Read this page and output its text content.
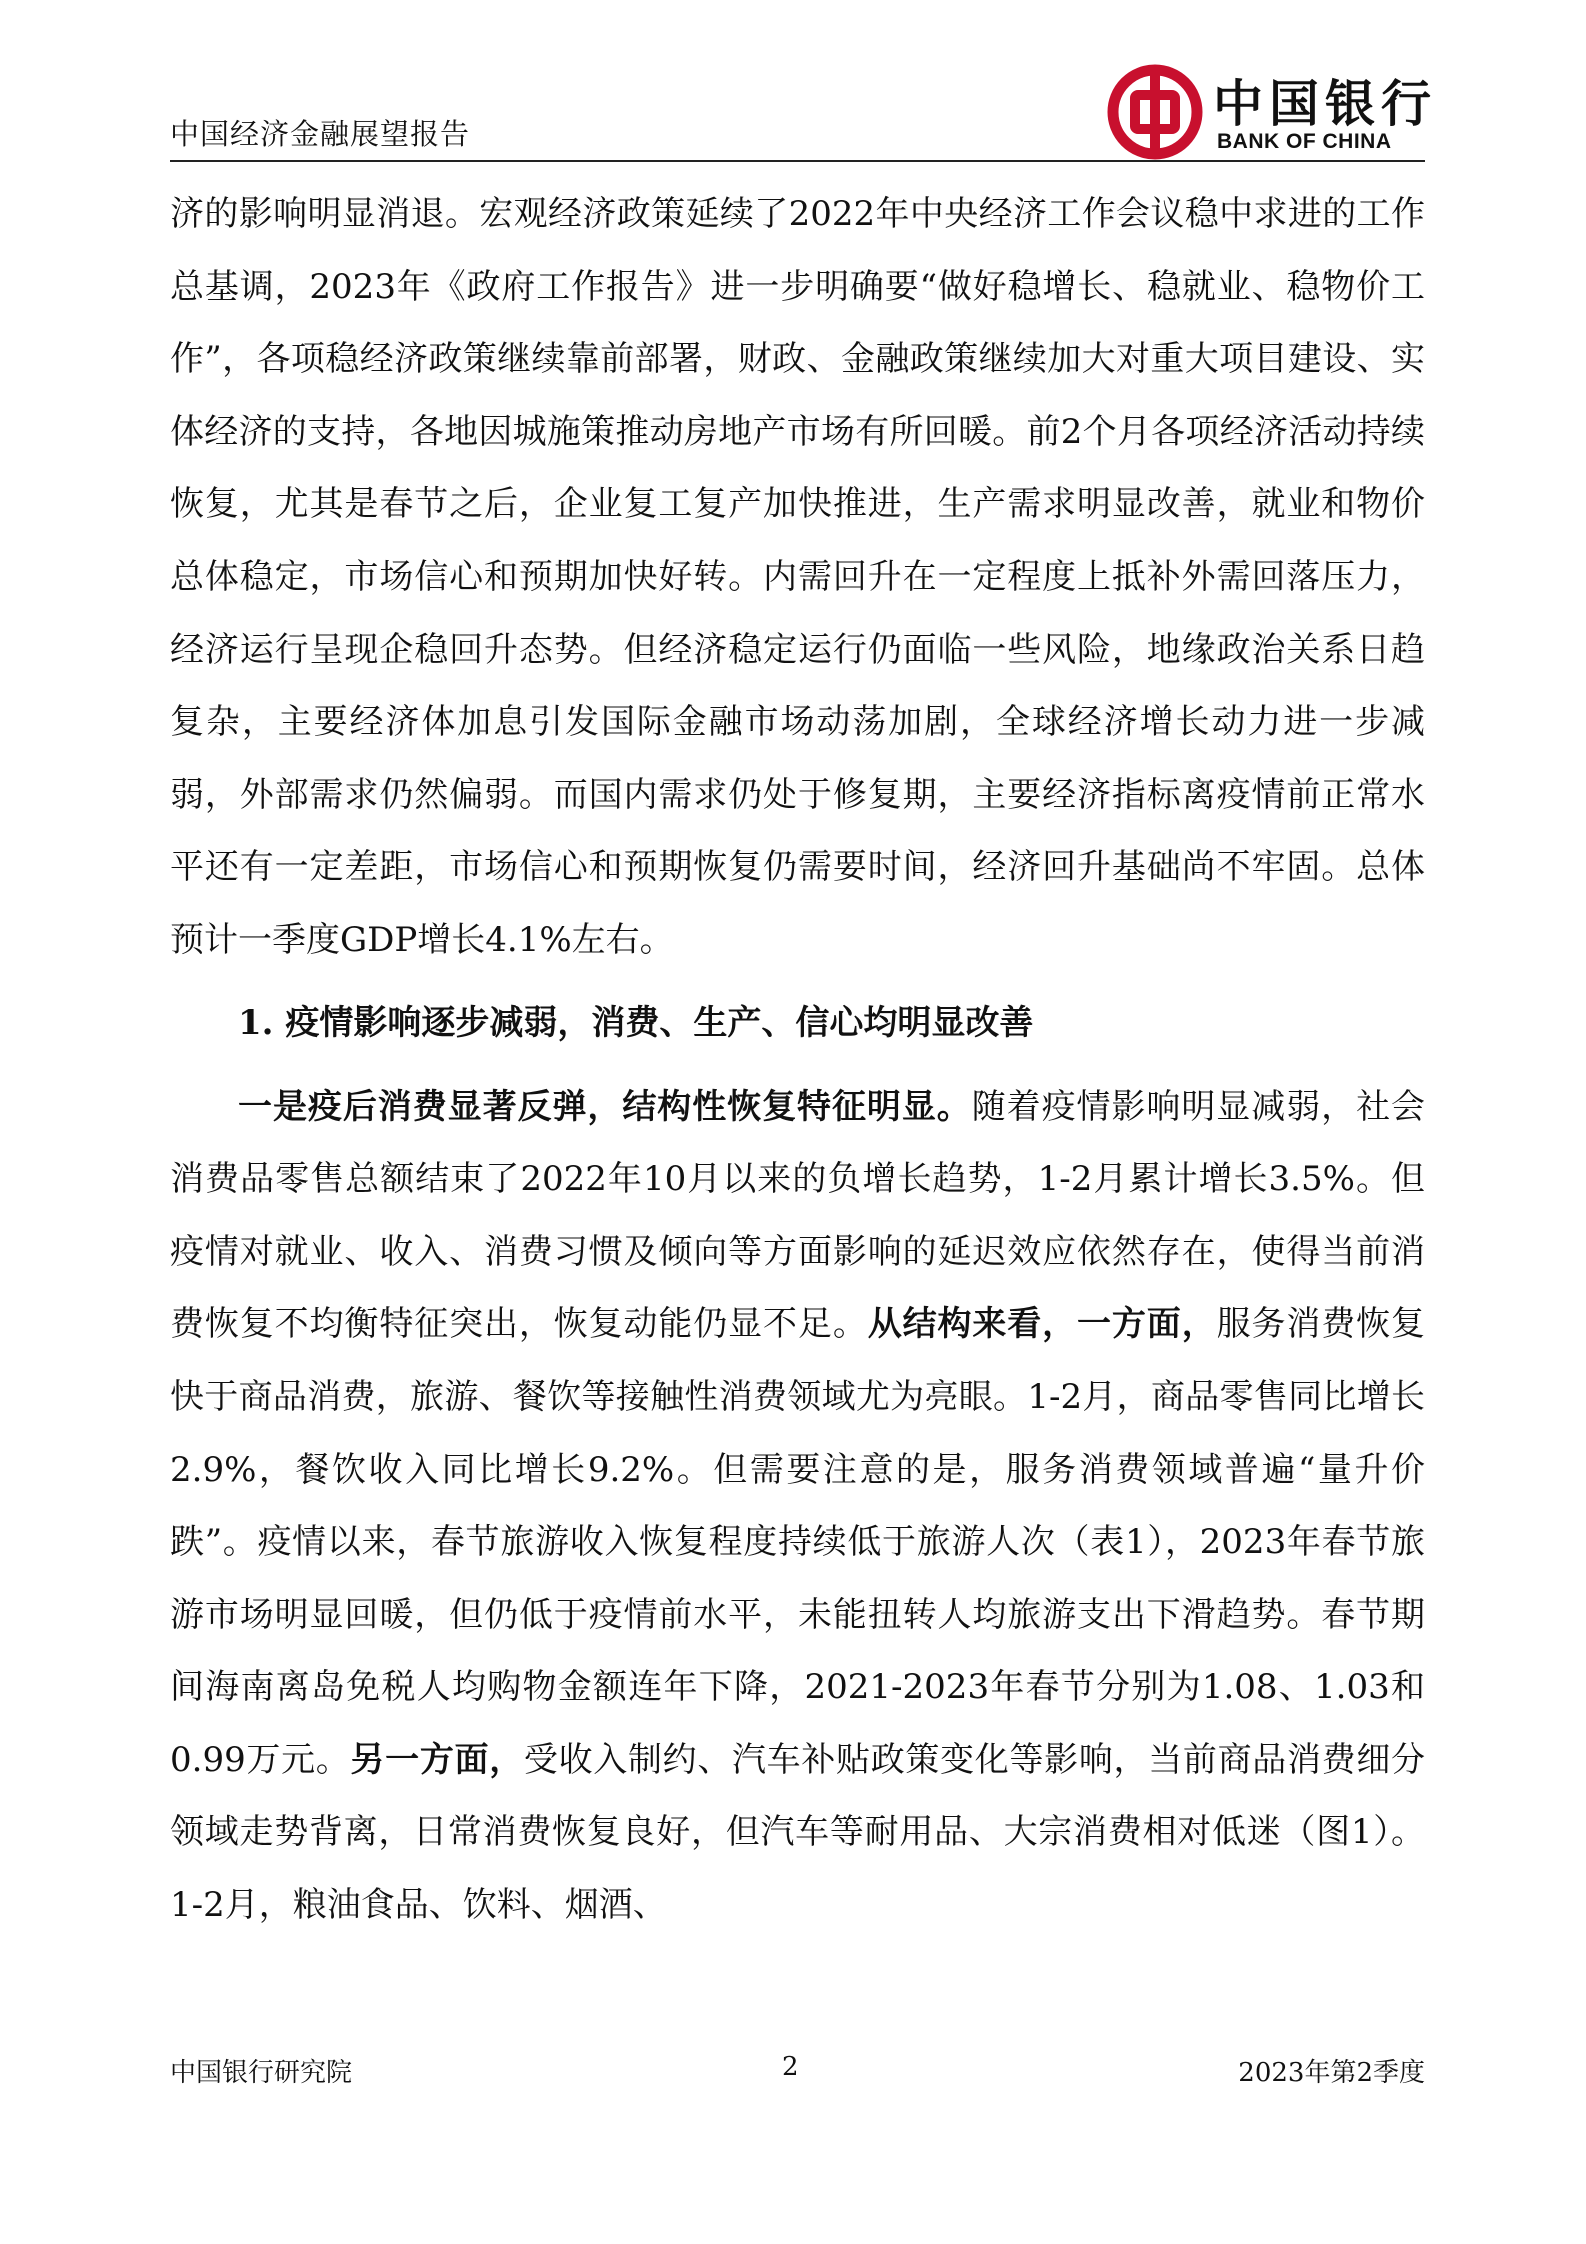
中国经济金融展望报告
中国银行
BANK OF CHINA

济的影响明显消退。宏观经济政策延续了2022年中央经济工作会议稳中求进的工作总基调，2023年《政府工作报告》进一步明确要“做好稳增长、稳就业、稳物价工作”，各项稳经济政策继续靠前部署，财政、金融政策继续加大对重大项目建设、实体经济的支持，各地因城施策推动房地产市场有所回暖。前2个月各项经济活动持续恢复，尤其是春节之后，企业复工复产加快推进，生产需求明显改善，就业和物价总体稳定，市场信心和预期加快好转。内需回升在一定程度上抵补外需回落压力，经济运行呈现企稳回升态势。但经济稳定运行仍面临一些风险，地缘政治关系日趋复杂，主要经济体加息引发国际金融市场动荡加剧，全球经济增长动力进一步减弱，外部需求仍然偏弱。而国内需求仍处于修复期，主要经济指标离疫情前正常水平还有一定差距，市场信心和预期恢复仍需要时间，经济回升基础尚不牢固。总体预计一季度GDP增长4.1%左右。

1. 疫情影响逐步减弱，消费、生产、信心均明显改善

一是疫后消费显著反弹，结构性恢复特征明显。随着疫情影响明显减弱，社会消费品零售总额结束了2022年10月以来的负增长趋势，1-2月累计增长3.5%。但疫情对就业、收入、消费习惯及倾向等方面影响的延迟效应依然存在，使得当前消费恢复不均衡特征突出，恢复动能仍显不足。从结构来看，一方面，服务消费恢复快于商品消费，旅游、餐饮等接触性消费领域尤为亮眼。1-2月，商品零售同比增长2.9%，餐饮收入同比增长9.2%。但需要注意的是，服务消费领域普遍“量升价跌”。疫情以来，春节旅游收入恢复程度持续低于旅游人次（表1），2023年春节旅游市场明显回暖，但仍低于疫情前水平，未能扭转人均旅游支出下滑趋势。春节期间海南离岛免税人均购物金额连年下降，2021-2023年春节分别为1.08、1.03和0.99万元。另一方面，受收入制约、汽车补贴政策变化等影响，当前商品消费细分领域走势背离，日常消费恢复良好，但汽车等耐用品、大宗消费相对低迷（图1）。1-2月，粮油食品、饮料、烟酒、

中国银行研究院	2	2023年第2季度
